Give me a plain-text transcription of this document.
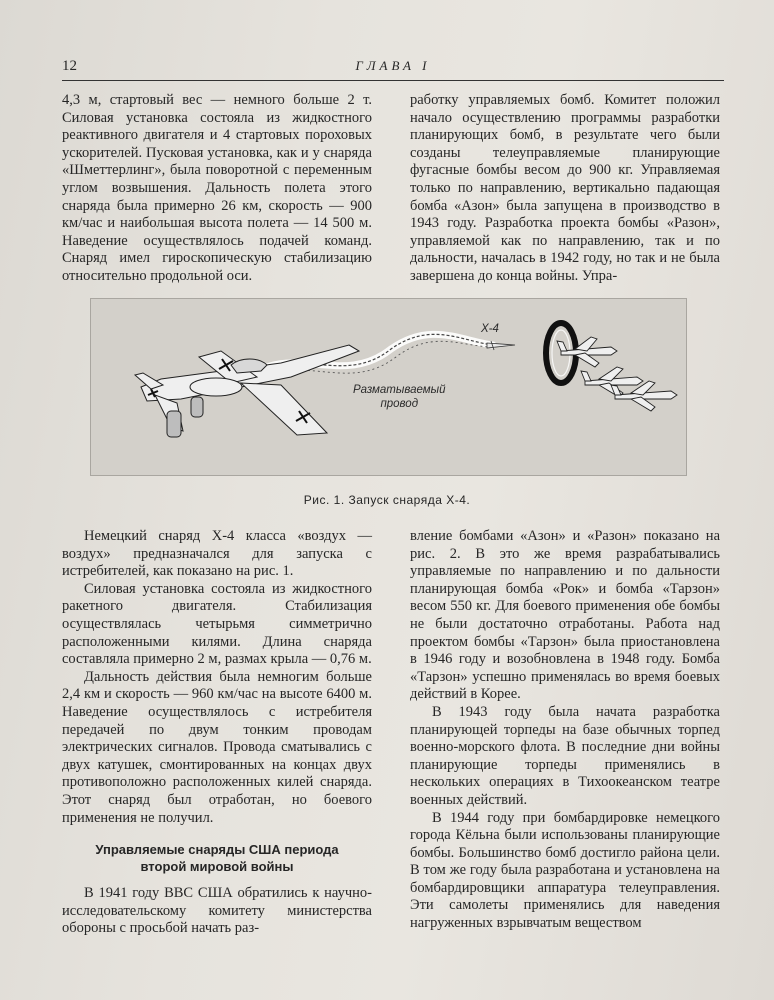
12	ГЛАВА I

4,3 м, стартовый вес — немного больше 2 т. Силовая установка состояла из жидкостного реактивного двигателя и 4 стартовых пороховых ускорителей. Пусковая установка, как и у снаряда «Шметтерлинг», была поворотной с переменным углом возвышения. Дальность полета этого снаряда была примерно 26 км, скорость — 900 км/час и наибольшая высота полета — 14 500 м. Наведение осуществлялось подачей команд. Снаряд имел гироскопическую стабилизацию относительно продольной оси.

работку управляемых бомб. Комитет положил начало осуществлению программы разработки планирующих бомб, в результате чего были созданы телеуправляемые планирующие фугасные бомбы весом до 900 кг. Управляемая только по направлению, вертикально падающая бомба «Азон» была запущена в производство в 1943 году. Разработка проекта бомбы «Разон», управляемой как по направлению, так и по дальности, началась в 1942 году, но так и не была завершена до конца войны. Упра-

Х-4
Разматываемый
провод
Рис. 1. Запуск снаряда Х-4.

Немецкий снаряд Х-4 класса «воздух — воздух» предназначался для запуска с истребителей, как показано на рис. 1.

Силовая установка состояла из жидкостного ракетного двигателя. Стабилизация осуществлялась четырьмя симметрично расположенными килями. Длина снаряда составляла примерно 2 м, размах крыла — 0,76 м.

Дальность действия была немногим больше 2,4 км и скорость — 960 км/час на высоте 6400 м. Наведение осуществлялось с истребителя передачей по двум тонким проводам электрических сигналов. Провода сматывались с двух катушек, смонтированных на концах двух противоположно расположенных килей снаряда. Этот снаряд был отработан, но боевого применения не получил.

Управляемые снаряды США периода второй мировой войны

В 1941 году ВВС США обратились к научно-исследовательскому комитету министерства обороны с просьбой начать раз-

вление бомбами «Азон» и «Разон» показано на рис. 2. В это же время разрабатывались управляемые по направлению и по дальности планирующая бомба «Рок» и бомба «Тарзон» весом 550 кг. Для боевого применения обе бомбы не были достаточно отработаны. Работа над проектом бомбы «Тарзон» была приостановлена в 1946 году и возобновлена в 1948 году. Бомба «Тарзон» успешно применялась во время боевых действий в Корее.

В 1943 году была начата разработка планирующей торпеды на базе обычных торпед военно-морского флота. В последние дни войны планирующие торпеды применялись в нескольких операциях в Тихоокеанском театре военных действий.

В 1944 году при бомбардировке немецкого города Кёльна были использованы планирующие бомбы. Большинство бомб достигло района цели. В том же году была разработана и установлена на бомбардировщики аппаратура телеуправления. Эти самолеты применялись для наведения нагруженных взрывчатым веществом
